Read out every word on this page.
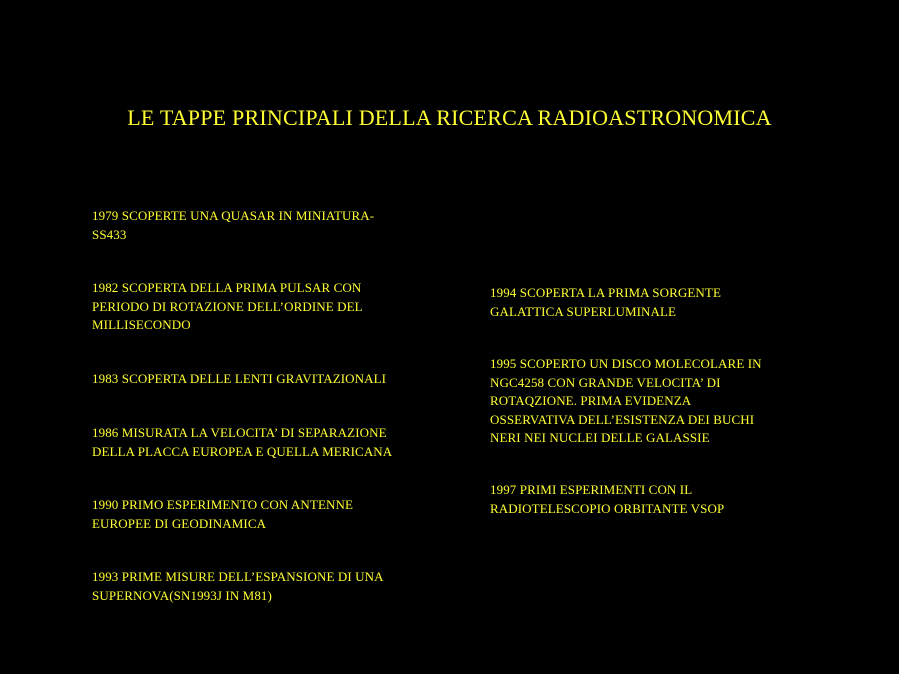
LE TAPPE PRINCIPALI DELLA RICERCA RADIOASTRONOMICA
1979 SCOPERTE UNA QUASAR IN MINIATURA-
SS433
1982 SCOPERTA DELLA PRIMA PULSAR CON
PERIODO DI ROTAZIONE DELL’ORDINE DEL
MILLISECONDO
1983 SCOPERTA DELLE LENTI GRAVITAZIONALI
1986 MISURATA LA VELOCITA’ DI SEPARAZIONE
DELLA PLACCA EUROPEA E QUELLA MERICANA
1990 PRIMO ESPERIMENTO CON ANTENNE
EUROPEE DI GEODINAMICA
1993 PRIME MISURE DELL’ESPANSIONE DI UNA
SUPERNOVA(SN1993J IN M81)
1994 SCOPERTA LA PRIMA SORGENTE
GALATTICA SUPERLUMINALE
1995 SCOPERTO UN DISCO MOLECOLARE IN
NGC4258 CON GRANDE VELOCITA’ DI
ROTAQZIONE. PRIMA EVIDENZA
OSSERVATIVA DELL’ESISTENZA DEI BUCHI
NERI NEI NUCLEI DELLE GALASSIE
1997 PRIMI ESPERIMENTI CON IL
RADIOTELESCOPIO ORBITANTE VSOP
